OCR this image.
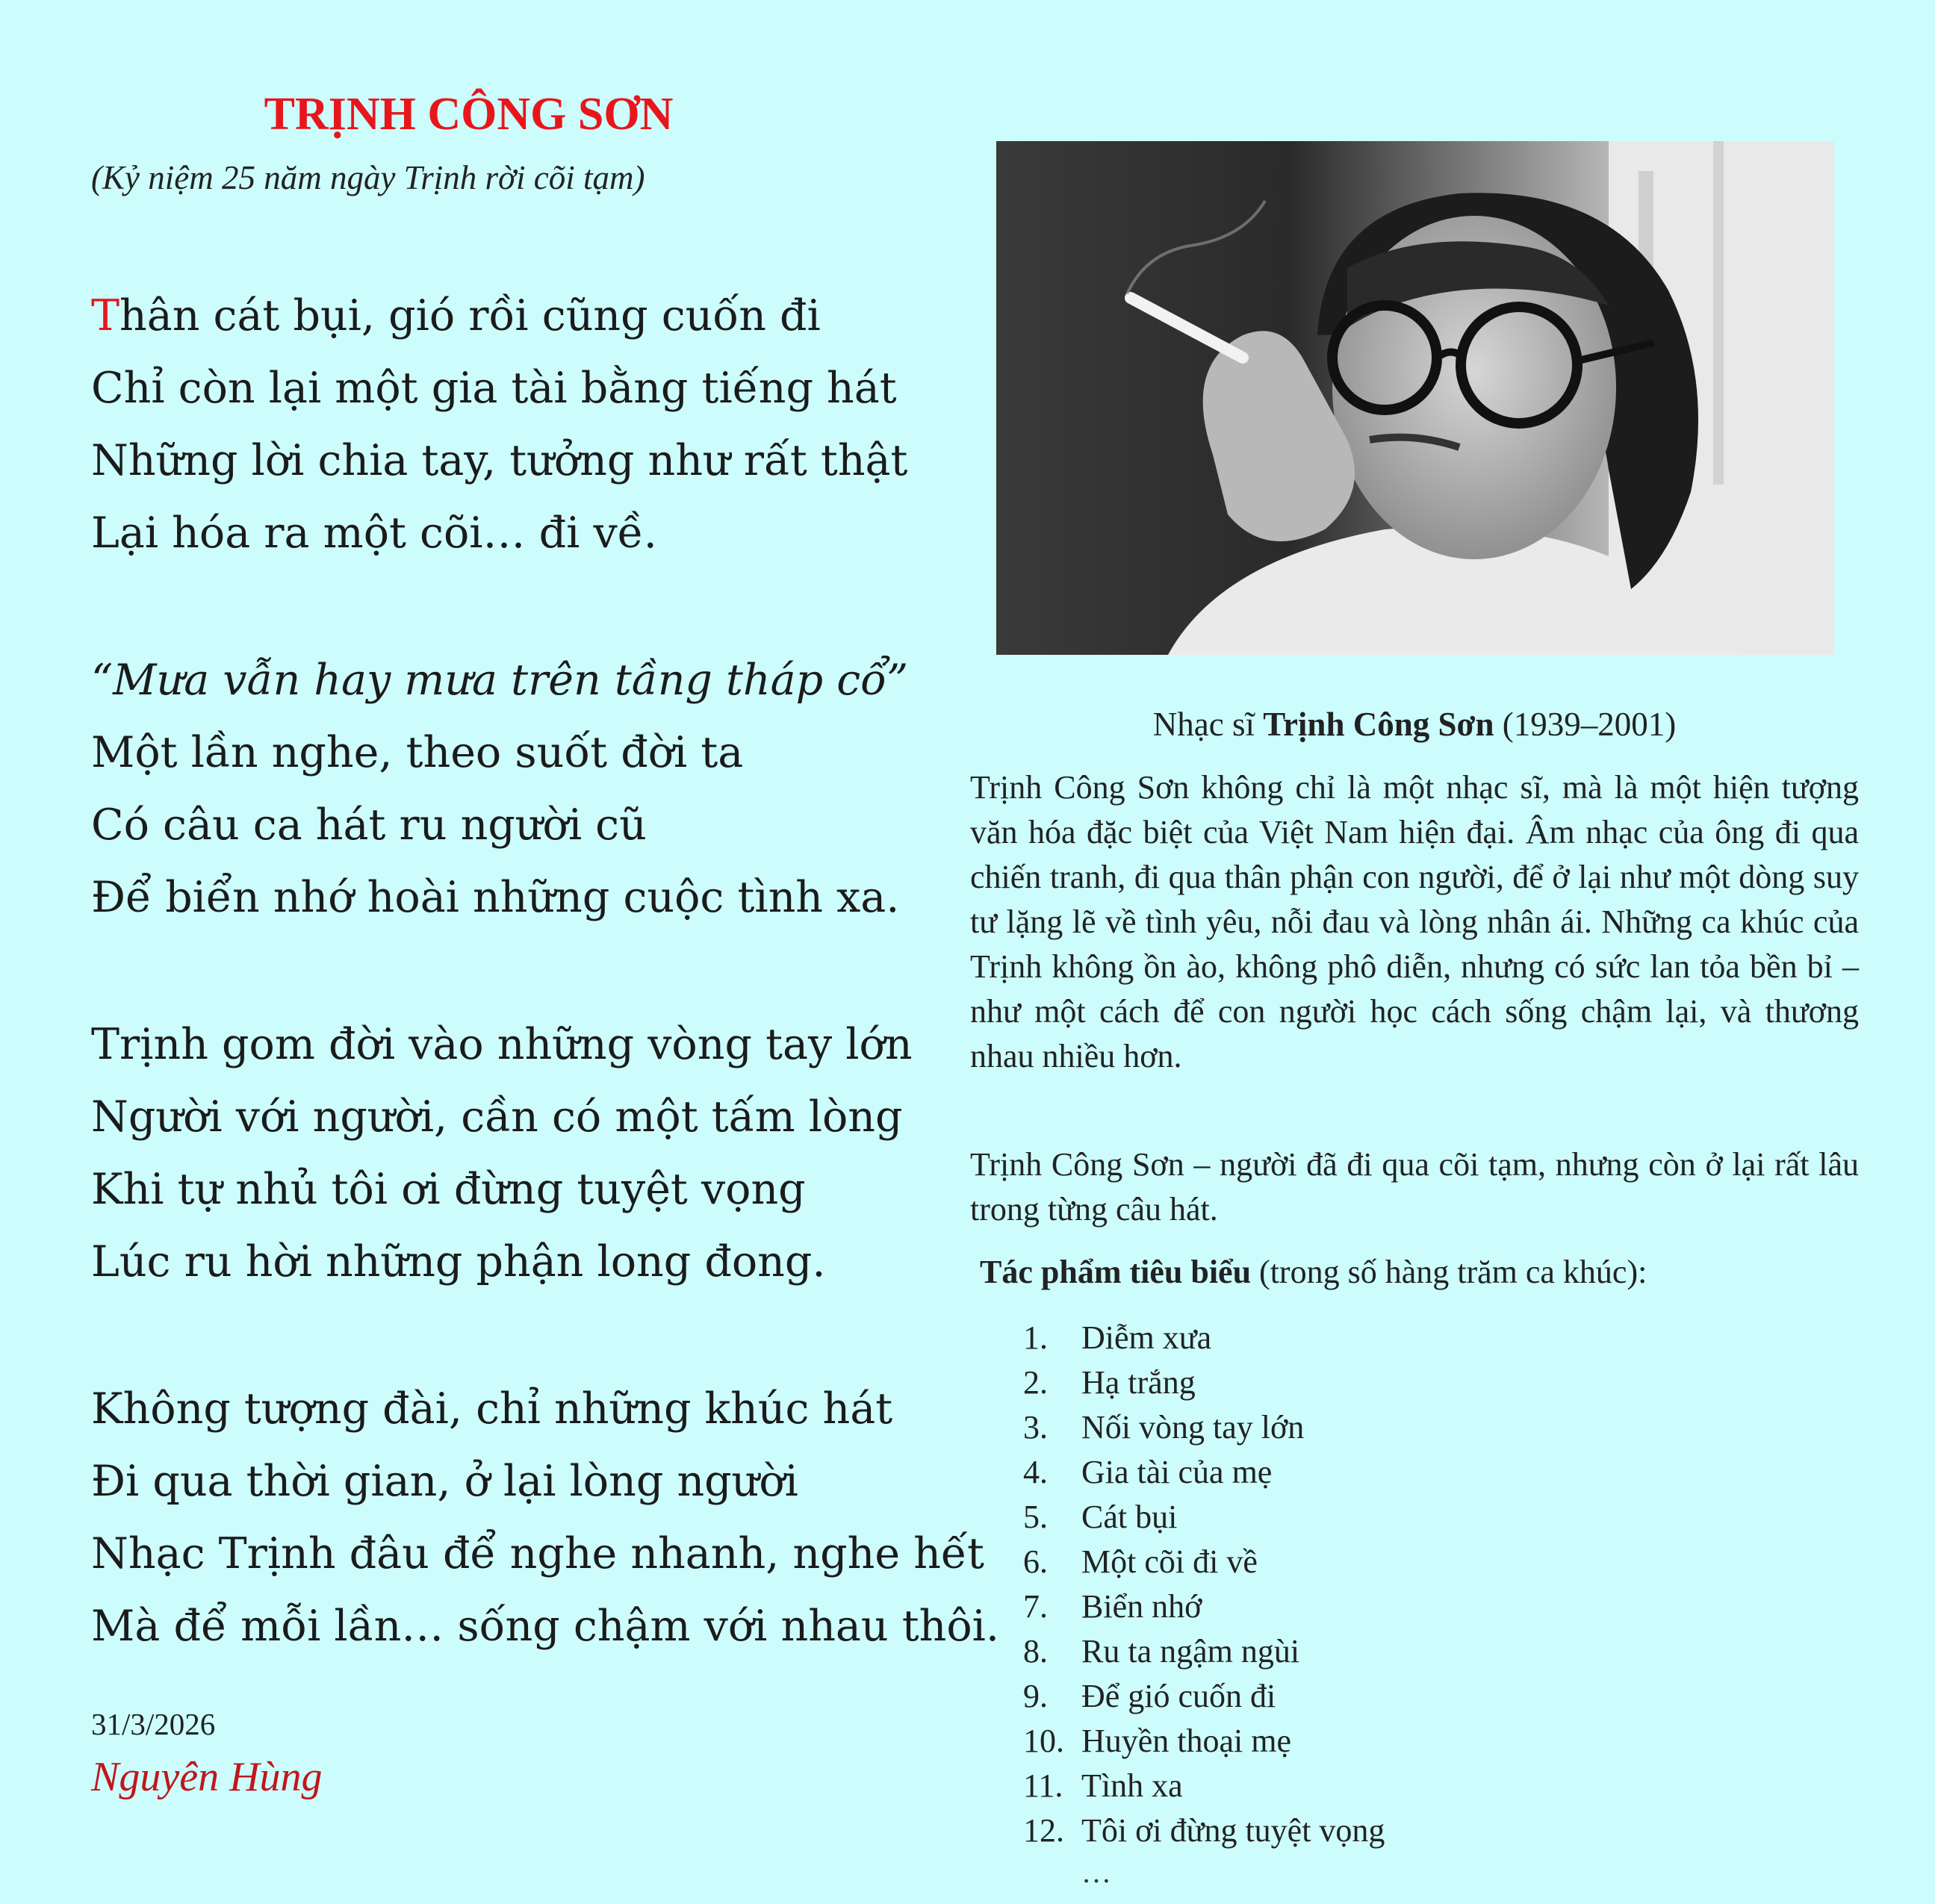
TRỊNH CÔNG SƠN
(Kỷ niệm 25 năm ngày Trịnh rời cõi tạm)
Thân cát bụi, gió rồi cũng cuốn đi
Chỉ còn lại một gia tài bằng tiếng hát
Những lời chia tay, tưởng như rất thật
Lại hóa ra một cõi… đi về.
“Mưa vẫn hay mưa trên tầng tháp cổ”
Một lần nghe, theo suốt đời ta
Có câu ca hát ru người cũ
Để biển nhớ hoài những cuộc tình xa.
Trịnh gom đời vào những vòng tay lớn
Người với người, cần có một tấm lòng
Khi tự nhủ tôi ơi đừng tuyệt vọng
Lúc ru hời những phận long đong.
Không tượng đài, chỉ những khúc hát
Đi qua thời gian, ở lại lòng người
Nhạc Trịnh đâu để nghe nhanh, nghe hết
Mà để mỗi lần… sống chậm với nhau thôi.
31/3/2026
Nguyên Hùng
Nhạc sĩ Trịnh Công Sơn (1939–2001)

Trịnh Công Sơn không chỉ là một nhạc sĩ, mà là một hiện tượng văn hóa đặc biệt của Việt Nam hiện đại. Âm nhạc của ông đi qua chiến tranh, đi qua thân phận con người, để ở lại như một dòng suy tư lặng lẽ về tình yêu, nỗi đau và lòng nhân ái. Những ca khúc của Trịnh không ồn ào, không phô diễn, nhưng có sức lan tỏa bền bỉ – như một cách để con người học cách sống chậm lại, và thương nhau nhiều hơn.

Trịnh Công Sơn – người đã đi qua cõi tạm, nhưng còn ở lại rất lâu trong từng câu hát.

Tác phẩm tiêu biểu (trong số hàng trăm ca khúc):
1. Diễm xưa
2. Hạ trắng
3. Nối vòng tay lớn
4. Gia tài của mẹ
5. Cát bụi
6. Một cõi đi về
7. Biển nhớ
8. Ru ta ngậm ngùi
9. Để gió cuốn đi
10. Huyền thoại mẹ
11. Tình xa
12. Tôi ơi đừng tuyệt vọng
…
